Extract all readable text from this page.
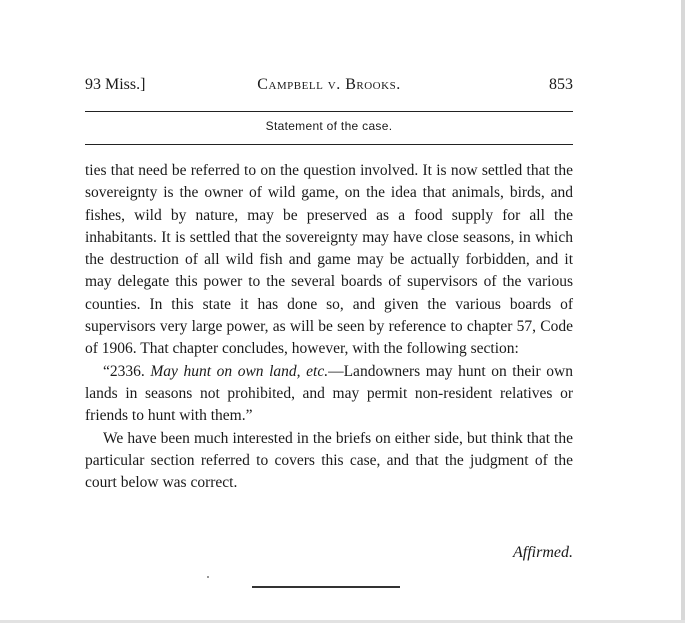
93 Miss.]	Campbell v. Brooks.	853
Statement of the case.

ties that need be referred to on the question involved. It is now settled that the sovereignty is the owner of wild game, on the idea that animals, birds, and fishes, wild by nature, may be preserved as a food supply for all the inhabitants. It is settled that the sovereignty may have close seasons, in which the destruction of all wild fish and game may be actually forbidden, and it may delegate this power to the several boards of supervisors of the various counties. In this state it has done so, and given the various boards of supervisors very large power, as will be seen by reference to chapter 57, Code of 1906. That chapter concludes, however, with the following section:

“2336. May hunt on own land, etc.—Landowners may hunt on their own lands in seasons not prohibited, and may permit non-resident relatives or friends to hunt with them.”

We have been much interested in the briefs on either side, but think that the particular section referred to covers this case, and that the judgment of the court below was correct.

Affirmed.
